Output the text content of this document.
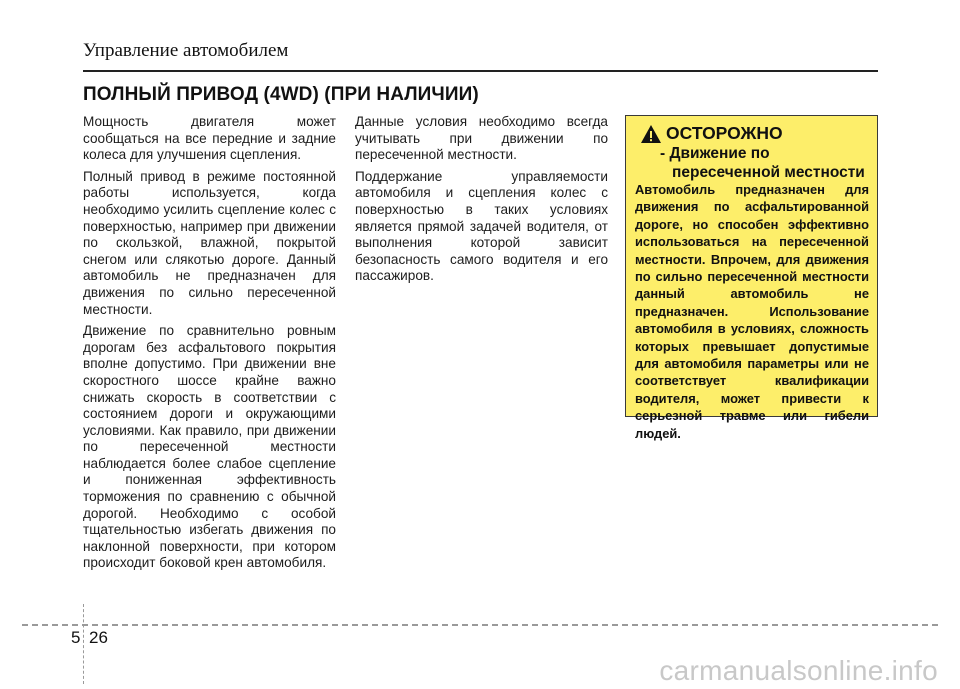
Управление автомобилем
ПОЛНЫЙ ПРИВОД (4WD) (ПРИ НАЛИЧИИ)

Мощность двигателя может сообщаться на все передние и задние колеса для улучшения сцепления.

Полный привод в режиме постоянной работы используется, когда необходимо усилить сцепление колес с поверхностью, например при движении по скользкой, влажной, покрытой снегом или слякотью дороге. Данный автомобиль не предназначен для движения по сильно пересеченной местности.

Движение по сравнительно ровным дорогам без асфальтового покрытия вполне допустимо. При движении вне скоростного шоссе крайне важно снижать скорость в соответствии с состоянием дороги и окружающими условиями. Как правило, при движении по пересеченной местности наблюдается более слабое сцепление и пониженная эффективность торможения по сравнению с обычной дорогой. Необходимо с особой тщательностью избегать движения по наклонной поверхности, при котором происходит боковой крен автомобиля.

Данные условия необходимо всегда учитывать при движении по пересеченной местности.

Поддержание управляемости автомобиля и сцепления колес с поверхностью в таких условиях является прямой задачей водителя, от выполнения которой зависит безопасность самого водителя и его пассажиров.

ОСТОРОЖНО
- Движение по
пересеченной местности
Автомобиль предназначен для движения по асфальтированной дороге, но способен эффективно использоваться на пересеченной местности. Впрочем, для движения по сильно пересеченной местности данный автомобиль не предназначен. Использование автомобиля в условиях, сложность которых превышает допустимые для автомобиля параметры или не соответствует квалификации водителя, может привести к серьезной травме или гибели людей.
5 26
carmanualsonline.info
